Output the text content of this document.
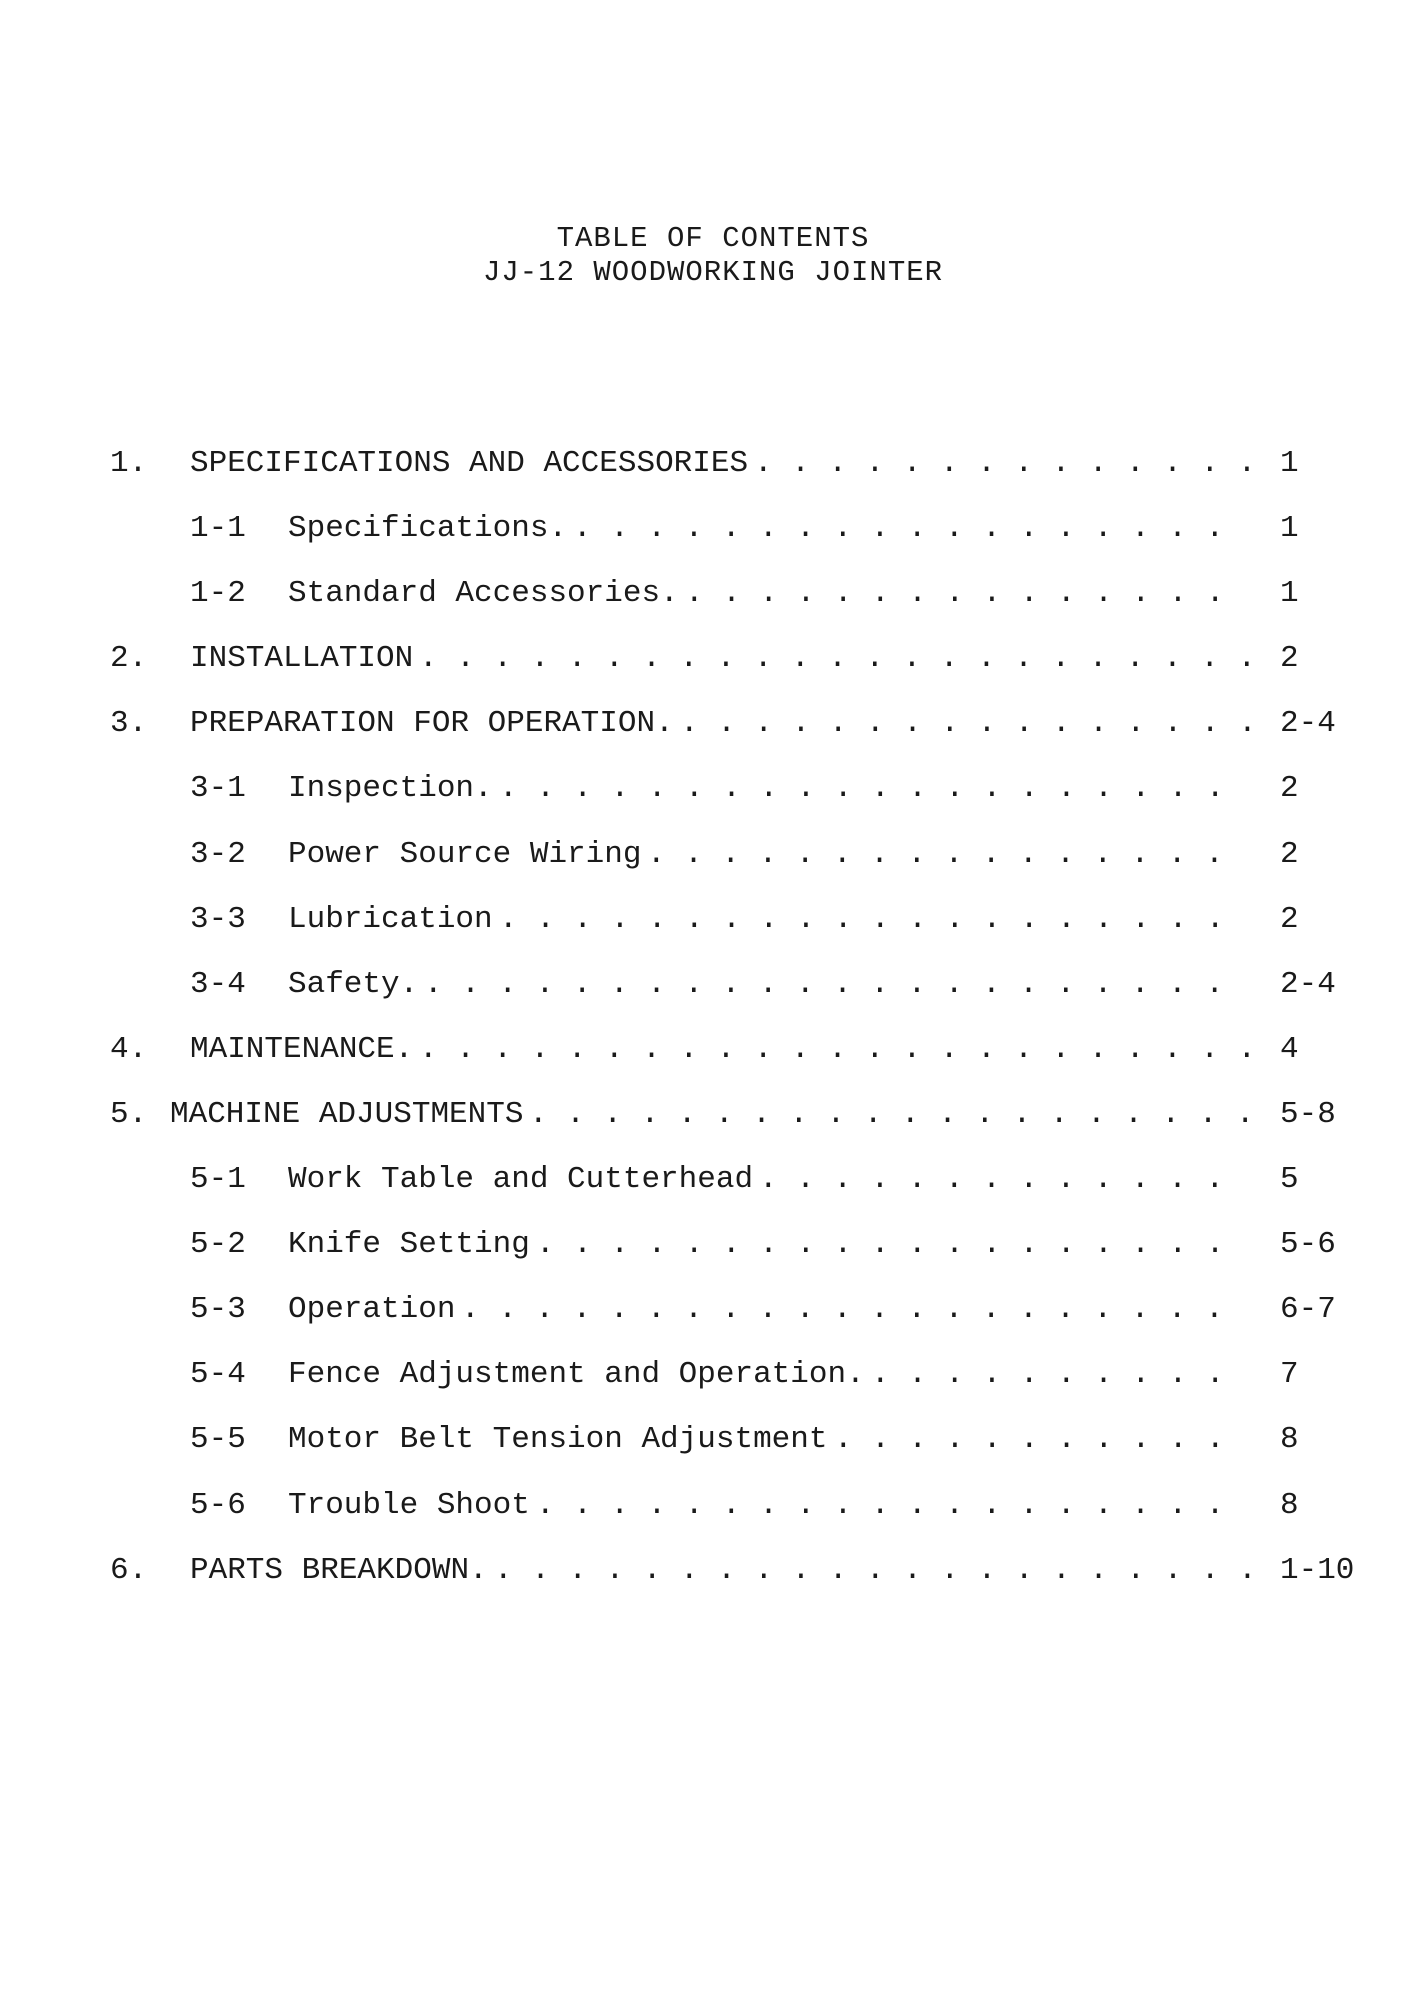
TABLE OF CONTENTS
JJ-12 WOODWORKING JOINTER

1.

SPECIFICATIONS AND ACCESSORIES

. . . . . . . . . . . . . .

1

1-1

Specifications.

. . . . . . . . . . . . . . . . . .

1

1-2

Standard Accessories.

. . . . . . . . . . . . . . .

1

2.

INSTALLATION

. . . . . . . . . . . . . . . . . . . . . . .

2

3.

PREPARATION FOR OPERATION.

. . . . . . . . . . . . . . . .

2-4

3-1

Inspection.

. . . . . . . . . . . . . . . . . . . .

2

3-2

Power Source Wiring

. . . . . . . . . . . . . . . .

2

3-3

Lubrication

. . . . . . . . . . . . . . . . . . . .

2

3-4

Safety.

. . . . . . . . . . . . . . . . . . . . . .

2-4

4.

MAINTENANCE.

. . . . . . . . . . . . . . . . . . . . . . .

4

5.

MACHINE ADJUSTMENTS

. . . . . . . . . . . . . . . . . . . .

5-8

5-1

Work Table and Cutterhead

. . . . . . . . . . . . .

5

5-2

Knife Setting

. . . . . . . . . . . . . . . . . . .

5-6

5-3

Operation

. . . . . . . . . . . . . . . . . . . . .

6-7

5-4

Fence Adjustment and Operation.

. . . . . . . . . .

7

5-5

Motor Belt Tension Adjustment

. . . . . . . . . . .

8

5-6

Trouble Shoot

. . . . . . . . . . . . . . . . . . .

8

6.

PARTS BREAKDOWN.

. . . . . . . . . . . . . . . . . . . . .

1-10
